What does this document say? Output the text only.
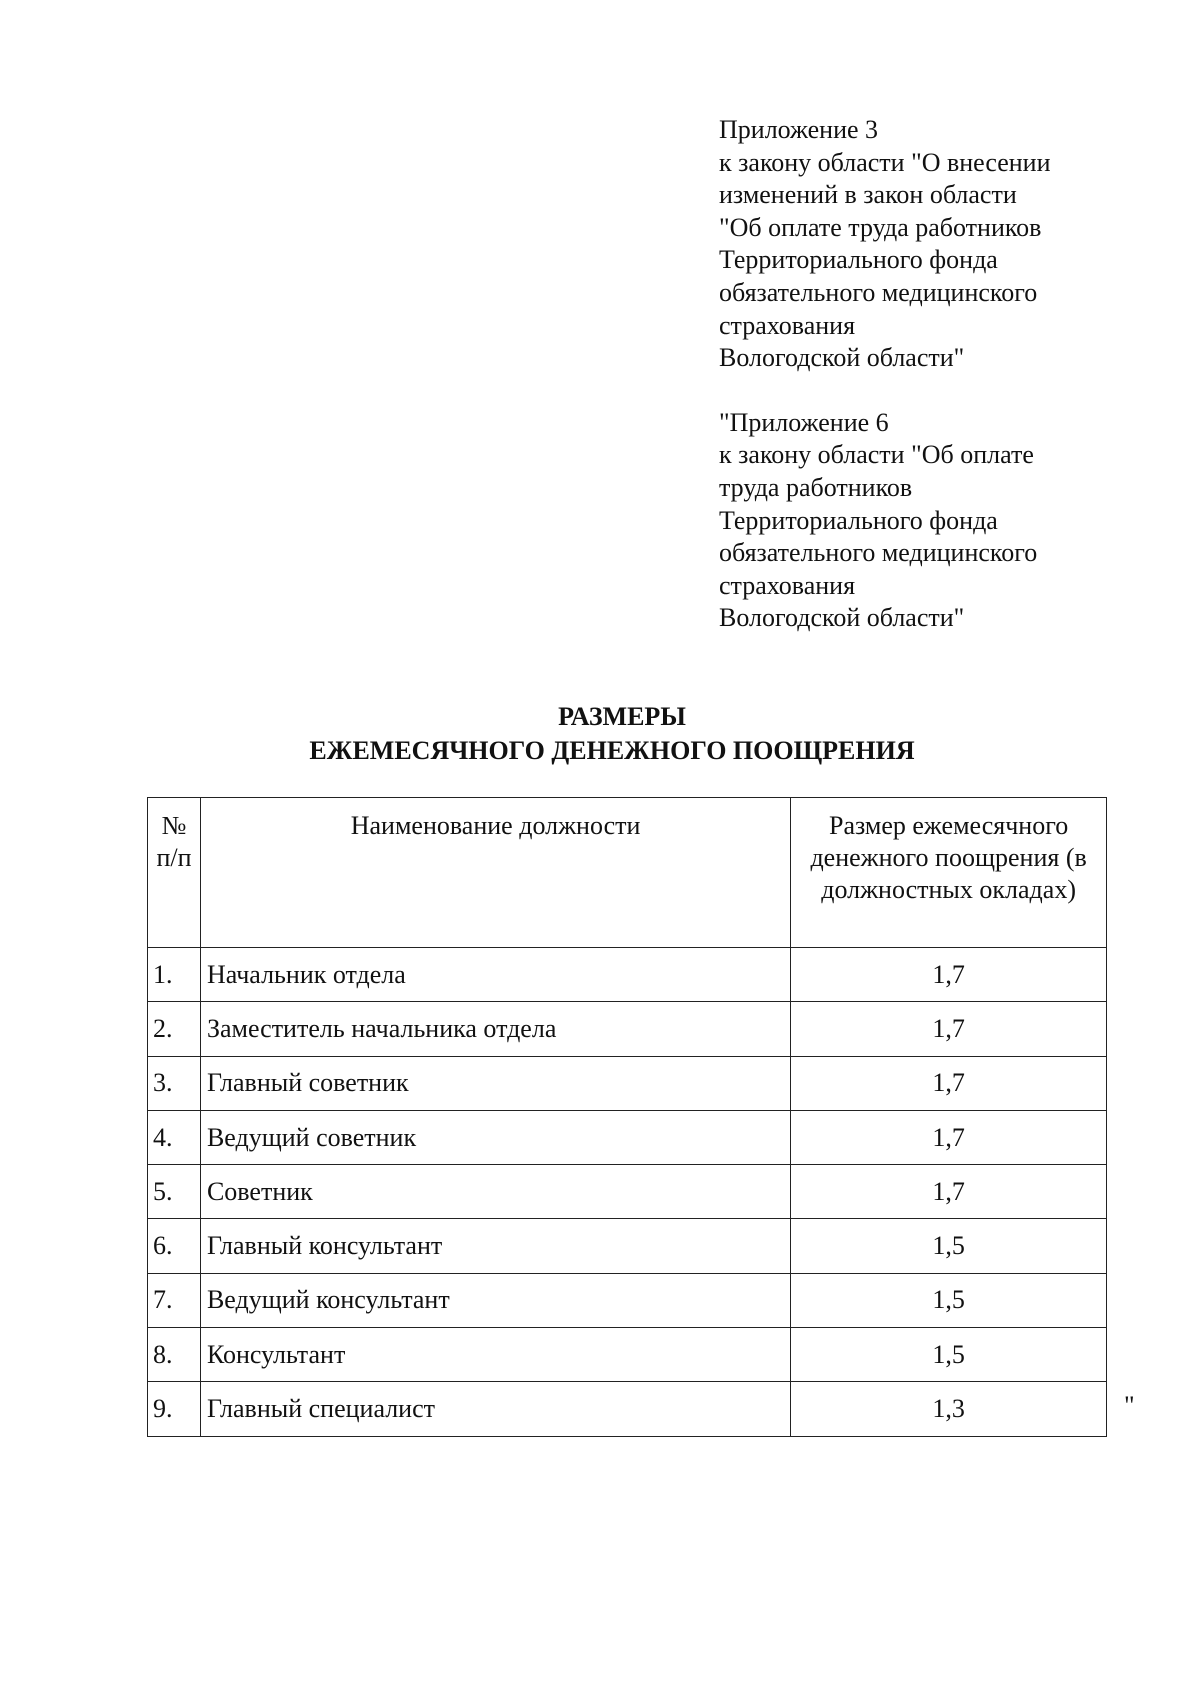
Приложение 3
к закону области "О внесении
изменений в закон области
"Об оплате труда работников
Территориального фонда
обязательного медицинского
страхования
Вологодской области"
"Приложение 6
к закону области "Об оплате
труда работников
Территориального фонда
обязательного медицинского
страхования
Вологодской области"
РАЗМЕРЫ
ЕЖЕМЕСЯЧНОГО ДЕНЕЖНОГО ПООЩРЕНИЯ
№ п/п	Наименование должности	Размер ежемесячного денежного поощрения (в должностных окладах)
1.	Начальник отдела	1,7
2.	Заместитель начальника отдела	1,7
3.	Главный советник	1,7
4.	Ведущий советник	1,7
5.	Советник	1,7
6.	Главный консультант	1,5
7.	Ведущий консультант	1,5
8.	Консультант	1,5
9.	Главный специалист	1,3	"
